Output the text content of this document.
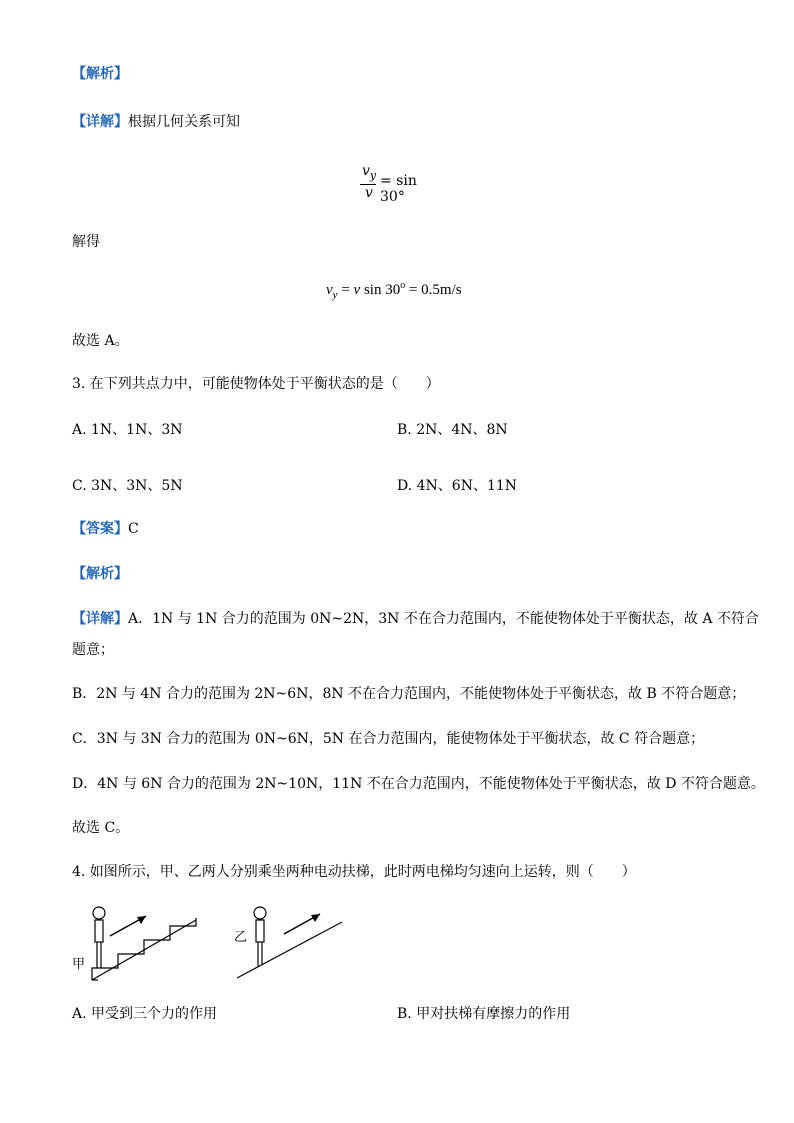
【解析】
【详解】根据几何关系可知
$v_y$
v
= sin 30°
解得
$v_y = v$ $\sin 30^o = 0.5m/s$
故选 A。
3. 在下列共点力中，可能使物体处于平衡状态的是（　　）
A. 1N、1N、3N	B. 2N、4N、8N
C. 3N、3N、5N	D. 4N、6N、11N
【答案】C
【解析】
【详解】A．1N 与 1N 合力的范围为 0N~2N，3N 不在合力范围内，不能使物体处于平衡状态，故 A 不符合
题意；
B．2N 与 4N 合力的范围为 2N~6N，8N 不在合力范围内，不能使物体处于平衡状态，故 B 不符合题意；
C．3N 与 3N 合力的范围为 0N~6N，5N 在合力范围内，能使物体处于平衡状态，故 C 符合题意；
D．4N 与 6N 合力的范围为 2N~10N，11N 不在合力范围内，不能使物体处于平衡状态，故 D 不符合题意。
故选 C。
4. 如图所示，甲、乙两人分别乘坐两种电动扶梯，此时两电梯均匀速向上运转，则（　　）
甲
乙
A. 甲受到三个力的作用	B. 甲对扶梯有摩擦力的作用
